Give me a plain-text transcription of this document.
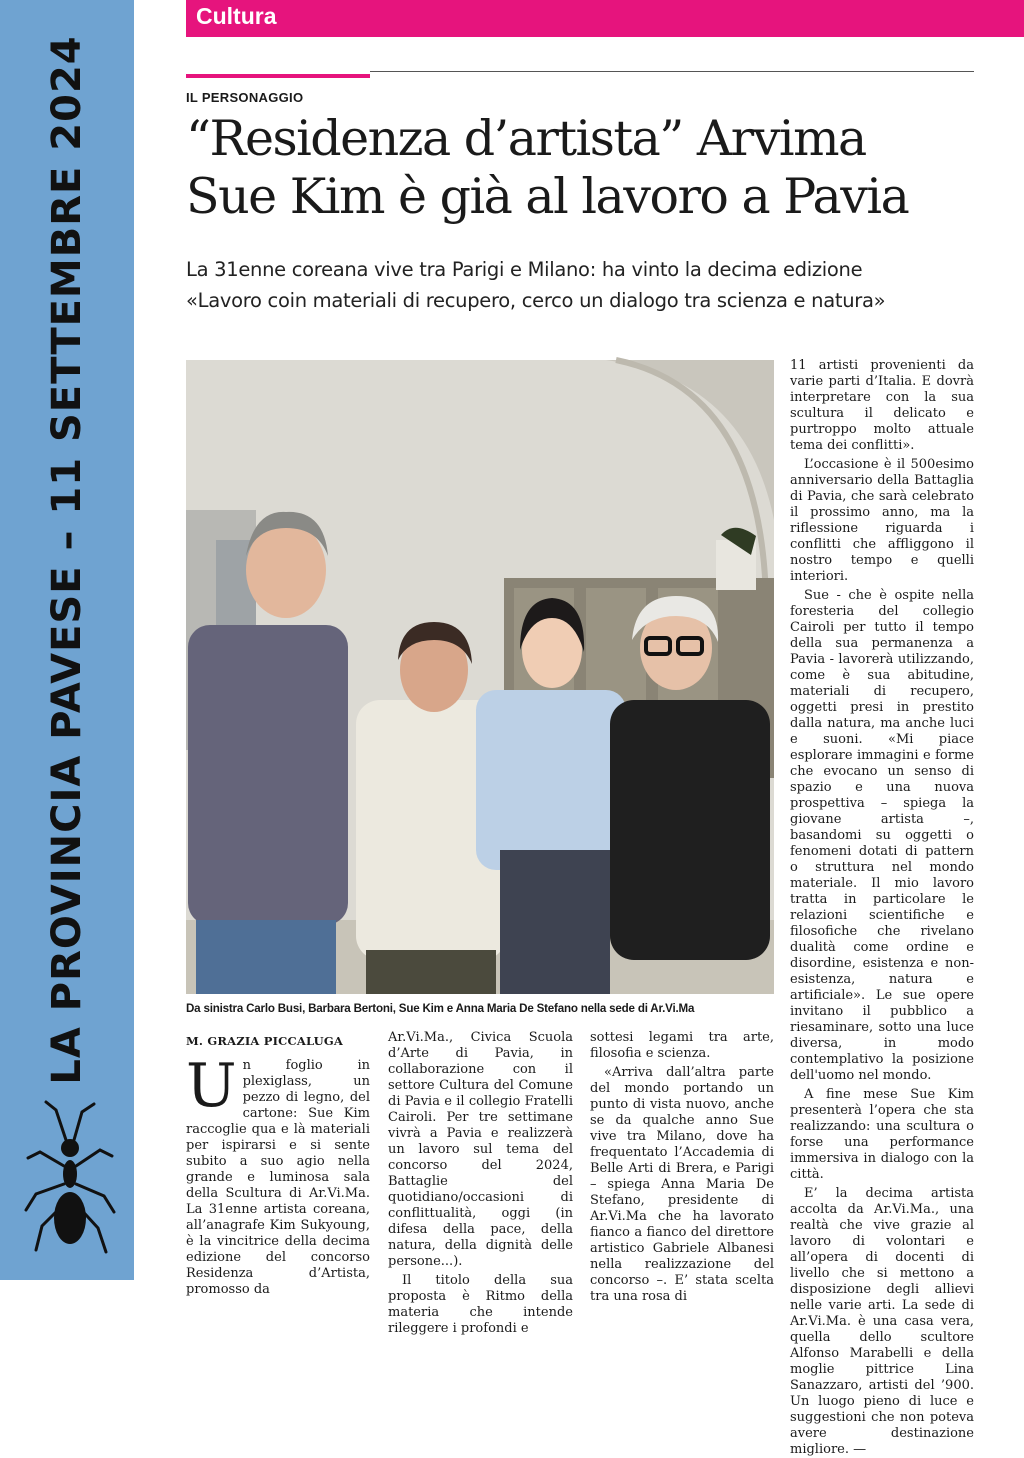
LA PROVINCIA PAVESE – 11 SETTEMBRE 2024
Cultura
IL PERSONAGGIO
“Residenza d’artista” Arvima
Sue Kim è già al lavoro a Pavia
La 31enne coreana vive tra Parigi e Milano: ha vinto la decima edizione
«Lavoro coin materiali di recupero, cerco un dialogo tra scienza e natura»
Da sinistra Carlo Busi, Barbara Bertoni, Sue Kim e Anna Maria De Stefano nella sede di Ar.Vi.Ma
M. GRAZIA PICCALUGA

Un foglio in plexiglass, un pezzo di legno, del cartone: Sue Kim raccoglie qua e là materiali per ispirarsi e si sente subito a suo agio nella grande e luminosa sala della Scultura di Ar.Vi.Ma. La 31enne artista coreana, all’anagrafe Kim Sukyoung, è la vincitrice della decima edizione del concorso Residenza d’Artista, promosso da

Ar.Vi.Ma., Civica Scuola d’Arte di Pavia, in collaborazione con il settore Cultura del Comune di Pavia e il collegio Fratelli Cairoli. Per tre settimane vivrà a Pavia e realizzerà un lavoro sul tema del concorso del 2024, Battaglie del quotidiano/occasioni di conflittualità, oggi (in difesa della pace, della natura, della dignità delle persone...).

Il titolo della sua proposta è Ritmo della materia che intende rileggere i profondi e

sottesi legami tra arte, filosofia e scienza.

«Arriva dall’altra parte del mondo portando un punto di vista nuovo, anche se da qualche anno Sue vive tra Milano, dove ha frequentato l’Accademia di Belle Arti di Brera, e Parigi – spiega Anna Maria De Stefano, presidente di Ar.Vi.Ma che ha lavorato fianco a fianco del direttore artistico Gabriele Albanesi nella realizzazione del concorso –. E’ stata scelta tra una rosa di

11 artisti provenienti da varie parti d’Italia. E dovrà interpretare con la sua scultura il delicato e purtroppo molto attuale tema dei conflitti».

L’occasione è il 500esimo anniversario della Battaglia di Pavia, che sarà celebrato il prossimo anno, ma la riflessione riguarda i conflitti che affliggono il nostro tempo e quelli interiori.

Sue - che è ospite nella foresteria del collegio Cairoli per tutto il tempo della sua permanenza a Pavia - lavorerà utilizzando, come è sua abitudine, materiali di recupero, oggetti presi in prestito dalla natura, ma anche luci e suoni. «Mi piace esplorare immagini e forme che evocano un senso di spazio e una nuova prospettiva – spiega la giovane artista –, basandomi su oggetti o fenomeni dotati di pattern o struttura nel mondo materiale. Il mio lavoro tratta in particolare le relazioni scientifiche e filosofiche che rivelano dualità come ordine e disordine, esistenza e non-esistenza, natura e artificiale». Le sue opere invitano il pubblico a riesaminare, sotto una luce diversa, in modo contemplativo la posizione dell'uomo nel mondo.

A fine mese Sue Kim presenterà l’opera che sta realizzando: una scultura o forse una performance immersiva in dialogo con la città.

E’ la decima artista accolta da Ar.Vi.Ma., una realtà che vive grazie al lavoro di volontari e all’opera di docenti di livello che si mettono a disposizione degli allievi nelle varie arti. La sede di Ar.Vi.Ma. è una casa vera, quella dello scultore Alfonso Marabelli e della moglie pittrice Lina Sanazzaro, artisti del ’900. Un luogo pieno di luce e suggestioni che non poteva avere destinazione migliore. —
